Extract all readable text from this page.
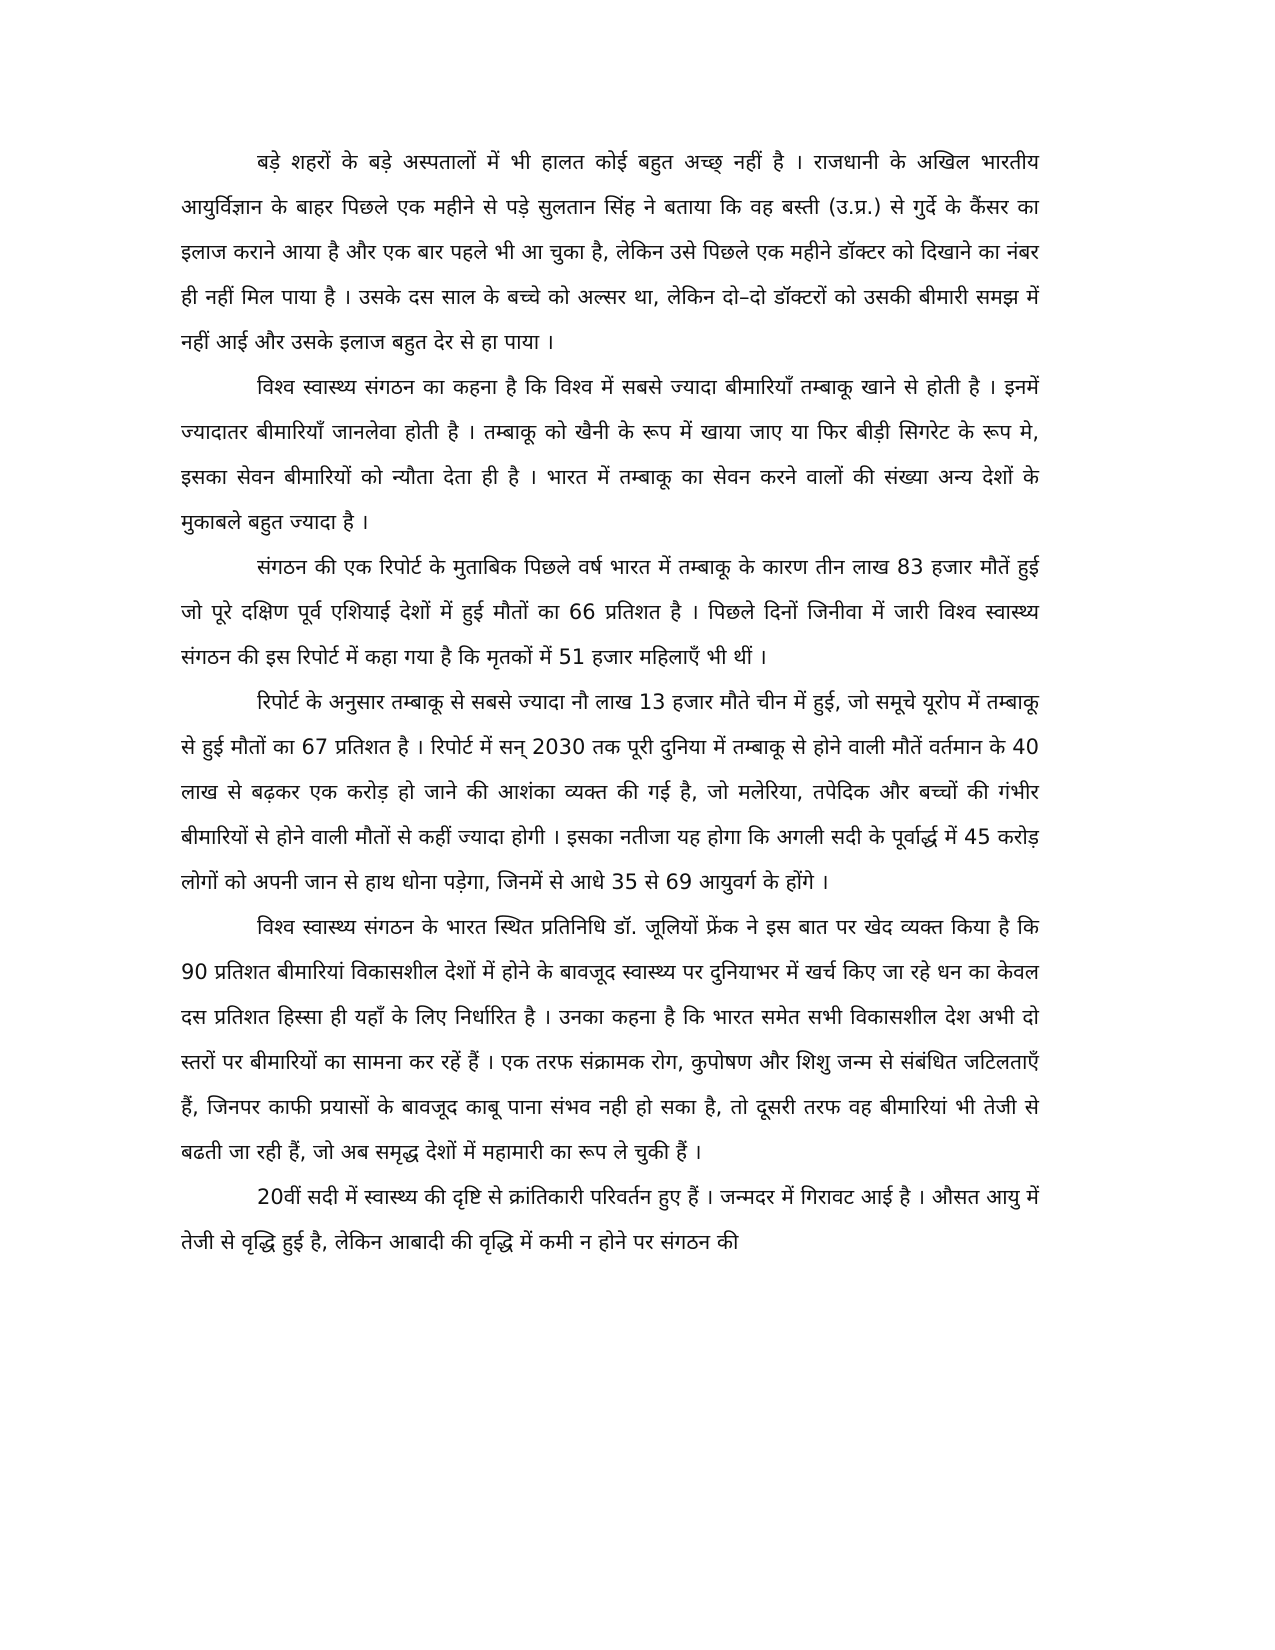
बड़े शहरों के बड़े अस्पतालों में भी हालत कोई बहुत अच्छ्‌ नहीं है । राजधानी के अखिल भारतीय आयुर्विज्ञान के बाहर पिछले एक महीने से पड़े सुलतान सिंह ने बताया कि वह बस्ती (उ.प्र.) से गुर्दे के कैंसर का इलाज कराने आया है और एक बार पहले भी आ चुका है, लेकिन उसे पिछले एक महीने डॉक्टर को दिखाने का नंबर ही नहीं मिल पाया है । उसके दस साल के बच्चे को अल्सर था, लेकिन दो–दो डॉक्टरों को उसकी बीमारी समझ में नहीं आई और उसके इलाज बहुत देर से हा पाया ।

विश्व स्वास्थ्य संगठन का कहना है कि विश्व में सबसे ज्यादा बीमारियॉं तम्बाकू खाने से होती है । इनमें ज्यादातर बीमारियॉं जानलेवा होती है । तम्बाकू को खैनी के रूप में खाया जाए या फिर बीड़ी सिगरेट के रूप मे, इसका सेवन बीमारियों को न्यौता देता ही है । भारत में तम्बाकू का सेवन करने वालों की संख्या अन्य देशों के मुकाबले बहुत ज्यादा है ।

संगठन की एक रिपोर्ट के मुताबिक पिछले वर्ष भारत में तम्बाकू के कारण तीन लाख 83 हजार मौतें हुई जो पूरे दक्षिण पूर्व एशियाई देशों में हुई मौतों का 66 प्रतिशत है । पिछले दिनों जिनीवा में जारी विश्व स्वास्थ्य संगठन की इस रिपोर्ट में कहा गया है कि मृतकों में 51 हजार महिलाऍं भी थीं ।

रिपोर्ट के अनुसार तम्बाकू से सबसे ज्यादा नौ लाख 13 हजार मौते चीन में हुई, जो समूचे यूरोप में तम्बाकू से हुई मौतों का 67 प्रतिशत है । रिपोर्ट में सन्‌ 2030 तक पूरी दुनिया में तम्बाकू से होने वाली मौतें वर्तमान के 40 लाख से बढ़कर एक करोड़ हो जाने की आशंका व्यक्त की गई है, जो मलेरिया, तपेदिक और बच्चों की गंभीर बीमारियों से होने वाली मौतों से कहीं ज्यादा होगी । इसका नतीजा यह होगा कि अगली सदी के पूर्वार्द्ध में 45 करोड़ लोगों को अपनी जान से हाथ धोना पड़ेगा, जिनमें से आधे 35 से 69 आयुवर्ग के होंगे ।

विश्व स्वास्थ्य संगठन के भारत स्थित प्रतिनिधि डॉ. जूलियों फ्रेंक ने इस बात पर खेद व्यक्त किया है कि 90 प्रतिशत बीमारियां विकासशील देशों में होने के बावजूद स्वास्थ्य पर दुनियाभर में खर्च किए जा रहे धन का केवल दस प्रतिशत हिस्सा ही यहॉं के लिए निर्धारित है । उनका कहना है कि भारत समेत सभी विकासशील देश अभी दो स्तरों पर बीमारियों का सामना कर रहें हैं । एक तरफ संक्रामक रोग, कुपोषण और शिशु जन्म से संबंधित जटिलताऍं हैं, जिनपर काफी प्रयासों के बावजूद काबू पाना संभव नही हो सका है, तो दूसरी तरफ वह बीमारियां भी तेजी से बढती जा रही हैं, जो अब समृद्ध देशों में महामारी का रूप ले चुकी हैं ।

20वीं सदी में स्वास्थ्य की दृष्टि से क्रांतिकारी परिवर्तन हुए हैं । जन्मदर में गिरावट आई है । औसत आयु में तेजी से वृद्धि हुई है, लेकिन आबादी की वृद्धि में कमी न होने पर संगठन की
